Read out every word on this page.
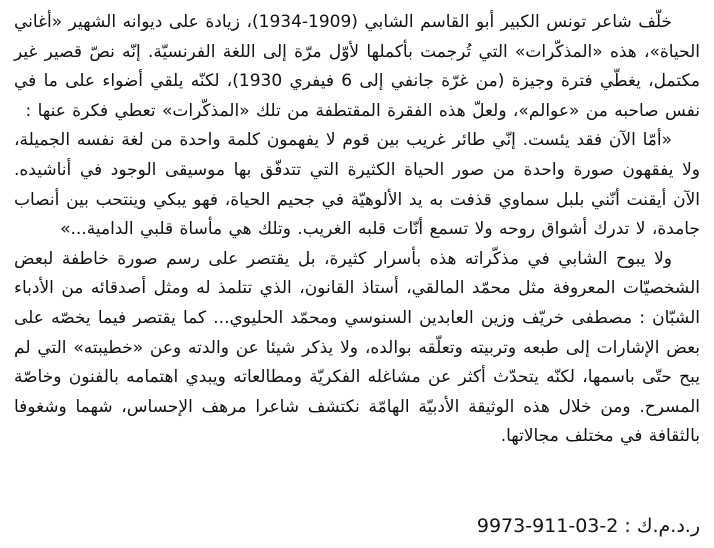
خلّف شاعر تونس الكبير أبو القاسم الشابي (1909-1934)، زيادة على ديوانه الشهير «أغاني الحياة»، هذه «المذكّرات» التي تُرجمت بأكملها لأوّل مرّة إلى اللغة الفرنسيّة. إنّه نصّ قصير غير مكتمل، يغطّي فترة وجيزة (من غرّة جانفي إلى 6 فيفري 1930)، لكنّه يلقي أضواء على ما في نفس صاحبه من «عوالم»، ولعلّ هذه الفقرة المقتطفة من تلك «المذكّرات» تعطي فكرة عنها :

«أمّا الآن فقد يئست. إنّي طائر غريب بين قوم لا يفهمون كلمة واحدة من لغة نفسه الجميلة، ولا يفقهون صورة واحدة من صور الحياة الكثيرة التي تتدفّق بها موسيقى الوجود في أناشيده. الآن أيقنت أنّني بلبل سماوي قذفت به يد الألوهيّة في جحيم الحياة، فهو يبكي وينتحب بين أنصاب جامدة، لا تدرك أشواق روحه ولا تسمع أنّات قلبه الغريب. وتلك هي مأساة قلبي الدامية...»

ولا يبوح الشابي في مذكّراته هذه بأسرار كثيرة، بل يقتصر على رسم صورة خاطفة لبعض الشخصيّات المعروفة مثل محمّد المالقي، أستاذ القانون، الذي تتلمذ له ومثل أصدقائه من الأدباء الشبّان : مصطفى خريّف وزين العابدين السنوسي ومحمّد الحليوي... كما يقتصر فيما يخصّه على بعض الإشارات إلى طبعه وتربيته وتعلّقه بوالده، ولا يذكر شيئا عن والدته وعن «خطيبته» التي لم يبح حتّى باسمها، لكنّه يتحدّث أكثر عن مشاغله الفكريّة ومطالعاته ويبدي اهتمامه بالفنون وخاصّة المسرح. ومن خلال هذه الوثيقة الأدبيّة الهامّة نكتشف شاعرا مرهف الإحساس، شهما وشغوفا بالثقافة في مختلف مجالاتها.

ر.د.م.ك : 9973-911-03-2
